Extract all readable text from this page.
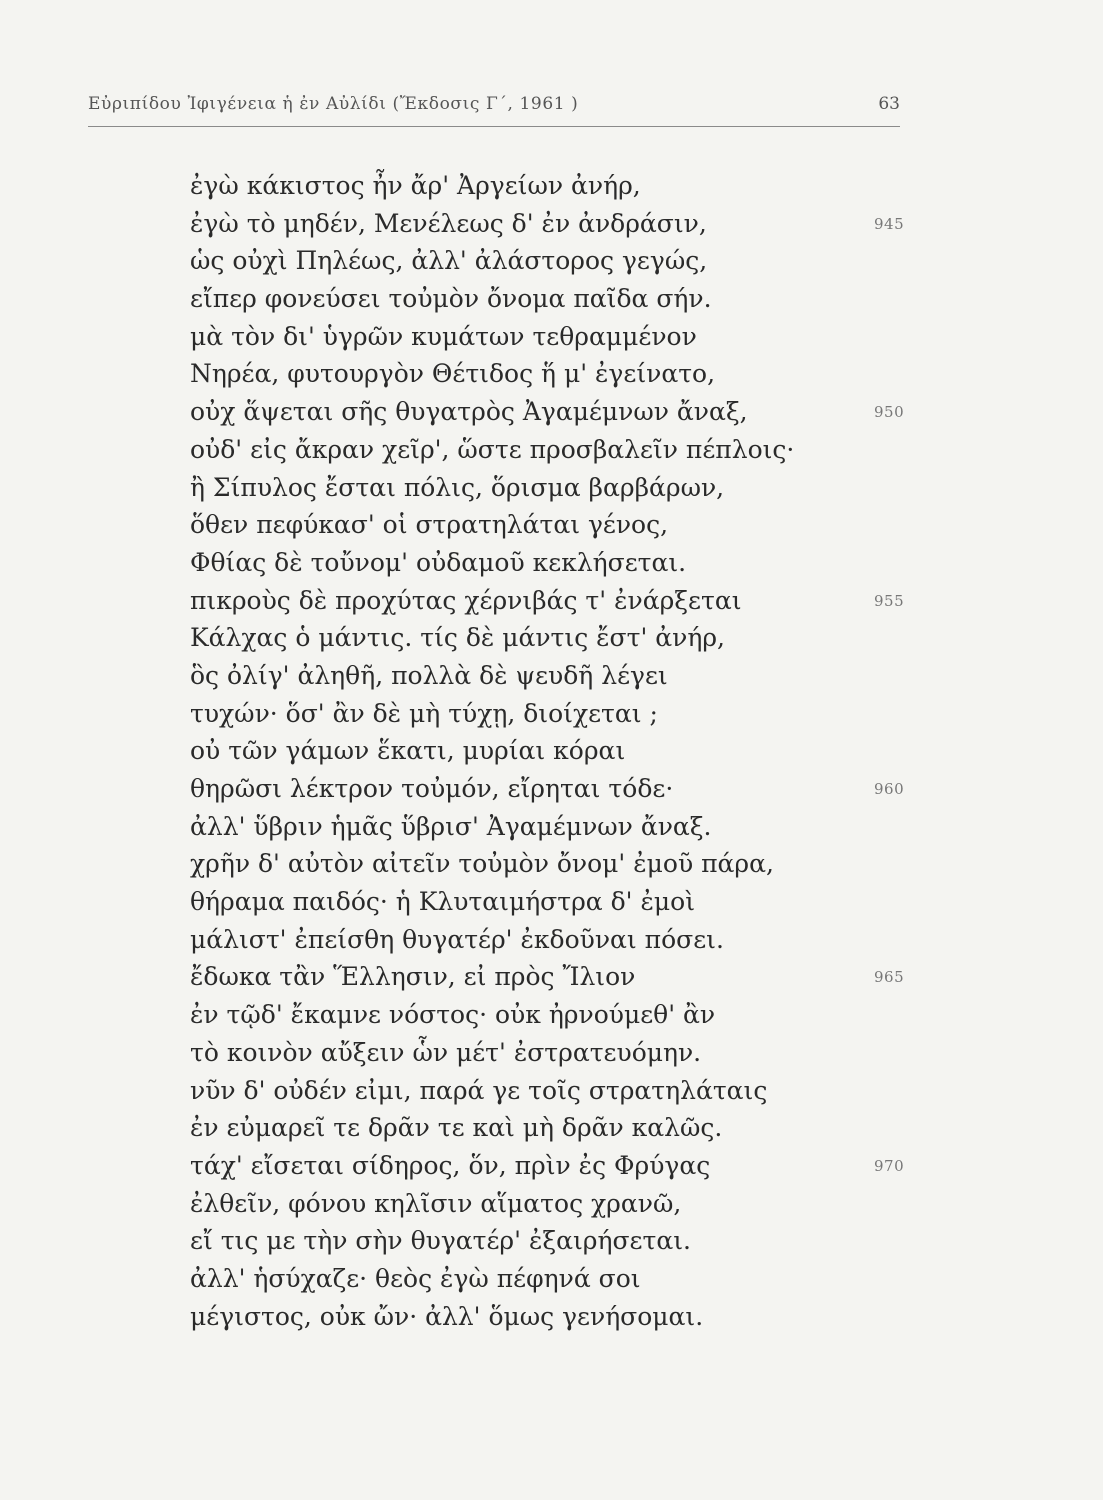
Εὐριπίδου Ἰφιγένεια ἡ ἐν Αὐλίδι (Ἔκδοσις Γ΄, 1961 )	63
ἐγὼ κάκιστος ἦν ἄρ' Ἀργείων ἀνήρ,
ἐγὼ τὸ μηδέν, Μενέλεως δ' ἐν ἀνδράσιν,	945
ὡς οὐχὶ Πηλέως, ἀλλ' ἀλάστορος γεγώς,
εἴπερ φονεύσει τοὐμὸν ὄνομα παῖδα σήν.
μὰ τὸν δι' ὑγρῶν κυμάτων τεθραμμένον
Νηρέα, φυτουργὸν Θέτιδος ἥ μ' ἐγείνατο,
οὐχ ἅψεται σῆς θυγατρὸς Ἀγαμέμνων ἄναξ,	950
οὐδ' εἰς ἄκραν χεῖρ', ὥστε προσβαλεῖν πέπλοις·
ἢ Σίπυλος ἔσται πόλις, ὅρισμα βαρβάρων,
ὅθεν πεφύκασ' οἱ στρατηλάται γένος,
Φθίας δὲ τοὔνομ' οὐδαμοῦ κεκλήσεται.
πικροὺς δὲ προχύτας χέρνιβάς τ' ἐνάρξεται	955
Κάλχας ὁ μάντις. τίς δὲ μάντις ἔστ' ἀνήρ,
ὃς ὀλίγ' ἀληθῆ, πολλὰ δὲ ψευδῆ λέγει
τυχών· ὅσ' ἂν δὲ μὴ τύχῃ, διοίχεται ;
οὐ τῶν γάμων ἕκατι, μυρίαι κόραι
θηρῶσι λέκτρον τοὐμόν, εἴρηται τόδε·	960
ἀλλ' ὕβριν ἡμᾶς ὕβρισ' Ἀγαμέμνων ἄναξ.
χρῆν δ' αὐτὸν αἰτεῖν τοὐμὸν ὄνομ' ἐμοῦ πάρα,
θήραμα παιδός· ἡ Κλυταιμήστρα δ' ἐμοὶ
μάλιστ' ἐπείσθη θυγατέρ' ἐκδοῦναι πόσει.
ἔδωκα τἂν Ἕλλησιν, εἰ πρὸς Ἴλιον	965
ἐν τῷδ' ἔκαμνε νόστος· οὐκ ἠρνούμεθ' ἂν
τὸ κοινὸν αὔξειν ὧν μέτ' ἐστρατευόμην.
νῦν δ' οὐδέν εἰμι, παρά γε τοῖς στρατηλάταις
ἐν εὐμαρεῖ τε δρᾶν τε καὶ μὴ δρᾶν καλῶς.
τάχ' εἴσεται σίδηρος, ὅν, πρὶν ἐς Φρύγας	970
ἐλθεῖν, φόνου κηλῖσιν αἵματος χρανῶ,
εἴ τις με τὴν σὴν θυγατέρ' ἐξαιρήσεται.
ἀλλ' ἡσύχαζε· θεὸς ἐγὼ πέφηνά σοι
μέγιστος, οὐκ ὤν· ἀλλ' ὅμως γενήσομαι.
